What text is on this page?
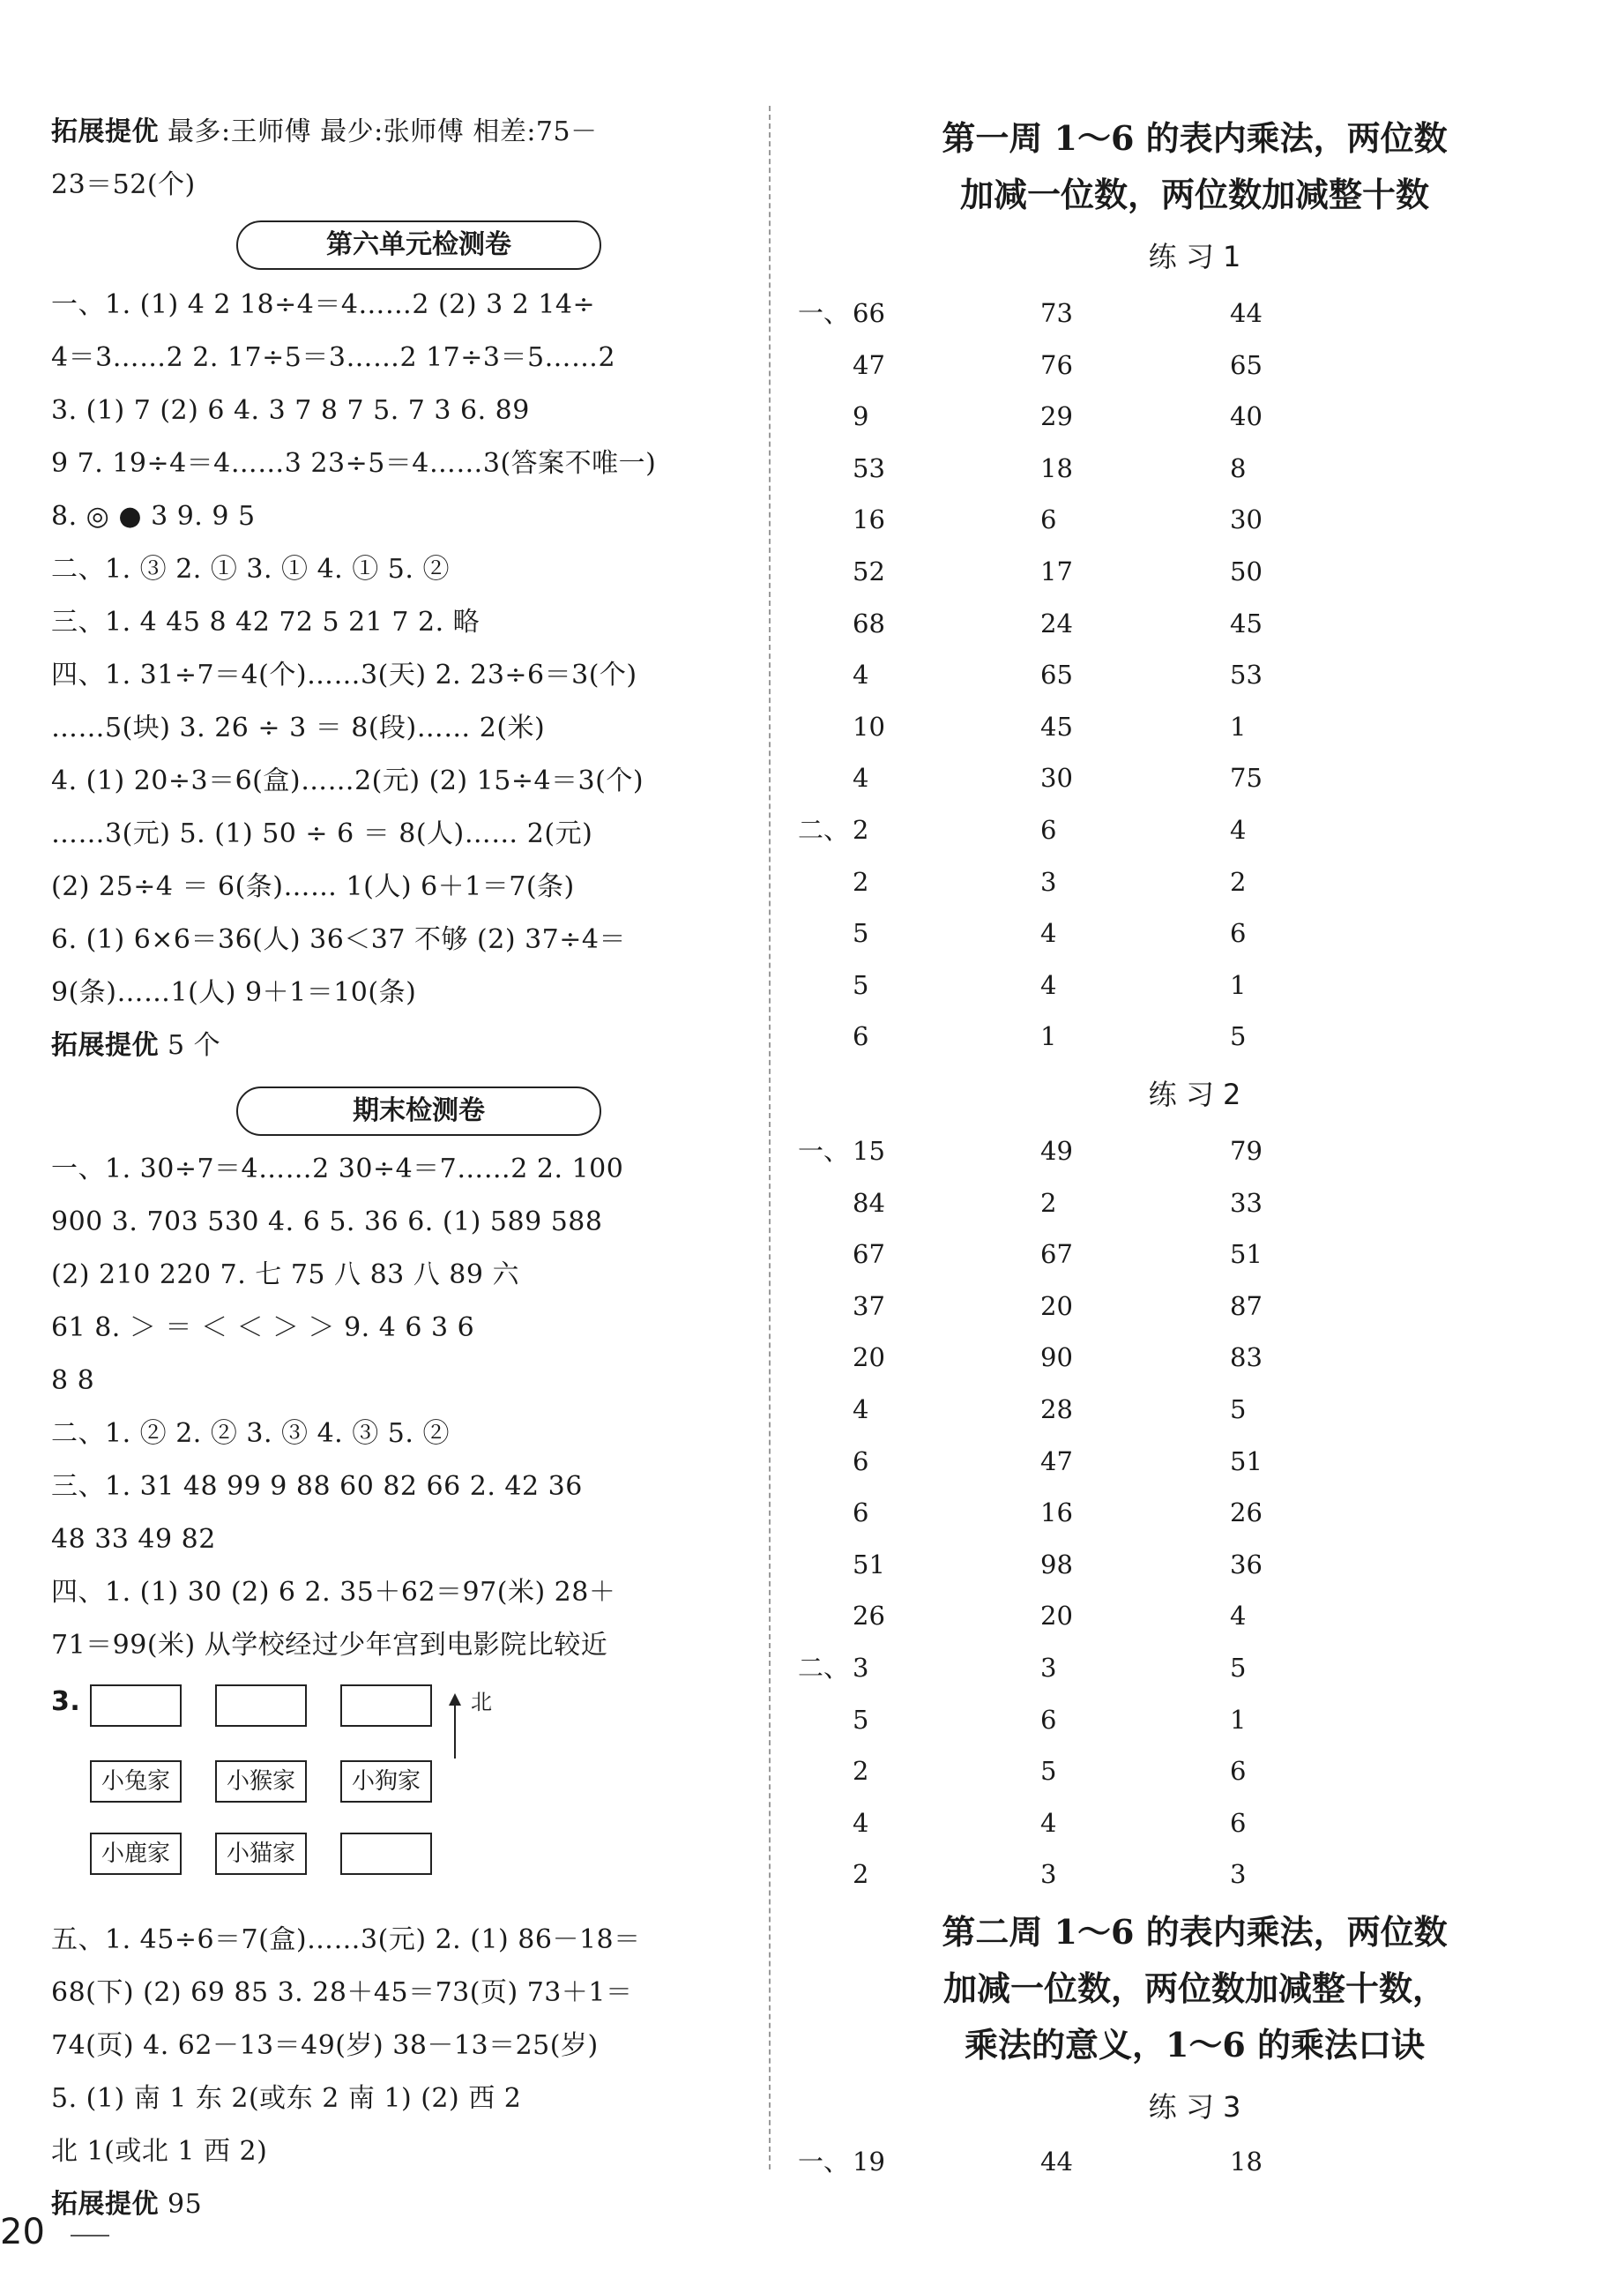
拓展提优 最多:王师傅 最少:张师傅 相差:75－
23＝52(个)
第六单元检测卷
一、1. (1) 4 2 18÷4＝4……2 (2) 3 2 14÷
4＝3……2 2. 17÷5＝3……2 17÷3＝5……2
3. (1) 7 (2) 6 4. 3 7 8 7 5. 7 3 6. 89
9 7. 19÷4＝4……3 23÷5＝4……3(答案不唯一)
8. ◎ ● 3 9. 9 5
二、1. ③ 2. ① 3. ① 4. ① 5. ②
三、1. 4 45 8 42 72 5 21 7 2. 略
四、1. 31÷7＝4(个)……3(天) 2. 23÷6＝3(个)
……5(块) 3. 26 ÷ 3 ＝ 8(段)…… 2(米)
4. (1) 20÷3＝6(盒)……2(元) (2) 15÷4＝3(个)
……3(元) 5. (1) 50 ÷ 6 ＝ 8(人)…… 2(元)
(2) 25÷4 ＝ 6(条)…… 1(人) 6＋1＝7(条)
6. (1) 6×6＝36(人) 36＜37 不够 (2) 37÷4＝
9(条)……1(人) 9＋1＝10(条)
拓展提优 5 个
期末检测卷
一、1. 30÷7＝4……2 30÷4＝7……2 2. 100
900 3. 703 530 4. 6 5. 36 6. (1) 589 588
(2) 210 220 7. 七 75 八 83 八 89 六
61 8. ＞ ＝ ＜ ＜ ＞ ＞ 9. 4 6 3 6
8 8
二、1. ② 2. ② 3. ③ 4. ③ 5. ②
三、1. 31 48 99 9 88 60 82 66 2. 42 36
48 33 49 82
四、1. (1) 30 (2) 6 2. 35＋62＝97(米) 28＋
71＝99(米) 从学校经过少年宫到电影院比较近
3.	北
小兔家	小猴家	小狗家
小鹿家	小猫家
五、1. 45÷6＝7(盒)……3(元) 2. (1) 86－18＝
68(下) (2) 69 85 3. 28＋45＝73(页) 73＋1＝
74(页) 4. 62－13＝49(岁) 38－13＝25(岁)
5. (1) 南 1 东 2(或东 2 南 1) (2) 西 2
北 1(或北 1 西 2)
拓展提优 95
第一周 1～6 的表内乘法，两位数
加减一位数，两位数加减整十数
练 习 1
一、 66	73	44
47	76	65
9	29	40
53	18	8
16	6	30
52	17	50
68	24	45
4	65	53
10	45	1
4	30	75
二、 2	6	4
2	3	2
5	4	6
5	4	1
6	1	5
练 习 2
一、 15	49	79
84	2	33
67	67	51
37	20	87
20	90	83
4	28	5
6	47	51
6	16	26
51	98	36
26	20	4
二、 3	3	5
5	6	1
2	5	6
4	4	6
2	3	3
第二周 1～6 的表内乘法，两位数
加减一位数，两位数加减整十数，
乘法的意义，1～6 的乘法口诀
练 习 3
一、 19	44	18
20
